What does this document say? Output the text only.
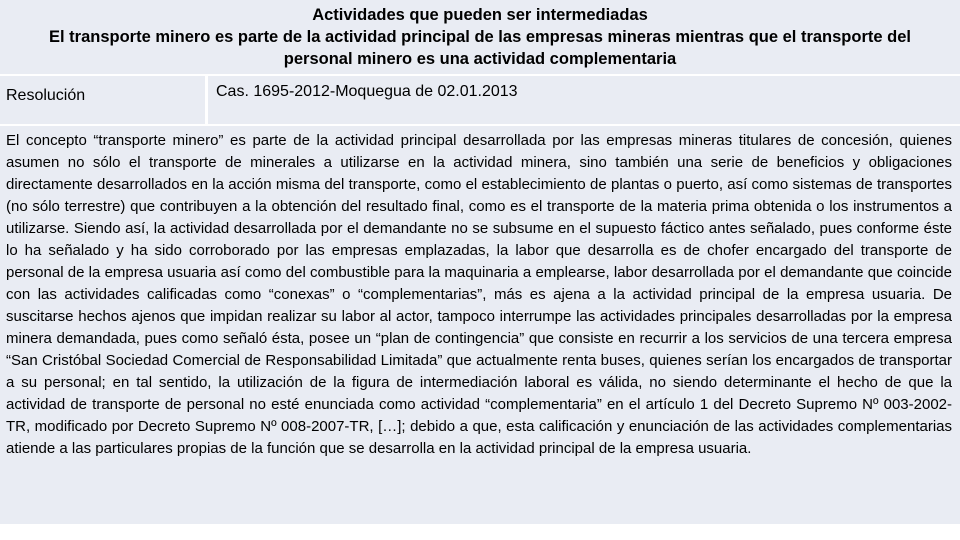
Actividades que pueden ser intermediadas
El transporte minero es parte de la actividad principal de las empresas mineras mientras que el transporte del
personal minero es una actividad complementaria
Resolución	Cas. 1695-2012-Moquegua de 02.01.2013

El concepto “transporte minero” es parte de la actividad principal desarrollada por las empresas mineras titulares de concesión, quienes asumen no sólo el transporte de minerales a utilizarse en la actividad minera, sino también una serie de beneficios y obligaciones directamente desarrollados en la acción misma del transporte, como el establecimiento de plantas o puerto, así como sistemas de transportes (no sólo terrestre) que contribuyen a la obtención del resultado final, como es el transporte de la materia prima obtenida o los instrumentos a utilizarse. Siendo así, la actividad desarrollada por el demandante no se subsume en el supuesto fáctico antes señalado, pues conforme éste lo ha señalado y ha sido corroborado por las empresas emplazadas, la labor que desarrolla es de chofer encargado del transporte de personal de la empresa usuaria así como del combustible para la maquinaria a emplearse, labor desarrollada por el demandante que coincide con las actividades calificadas como “conexas” o “complementarias”, más es ajena a la actividad principal de la empresa usuaria. De suscitarse hechos ajenos que impidan realizar su labor al actor, tampoco interrumpe las actividades principales desarrolladas por la empresa minera demandada, pues como señaló ésta, posee un “plan de contingencia” que consiste en recurrir a los servicios de una tercera empresa “San Cristóbal Sociedad Comercial de Responsabilidad Limitada” que actualmente renta buses, quienes serían los encargados de transportar a su personal; en tal sentido, la utilización de la figura de intermediación laboral es válida, no siendo determinante el hecho de que la actividad de transporte de personal no esté enunciada como actividad “complementaria” en el artículo 1 del Decreto Supremo Nº 003-2002-TR, modificado por Decreto Supremo Nº 008-2007-TR, […]; debido a que, esta calificación y enunciación de las actividades complementarias atiende a las particulares propias de la función que se desarrolla en la actividad principal de la empresa usuaria.
